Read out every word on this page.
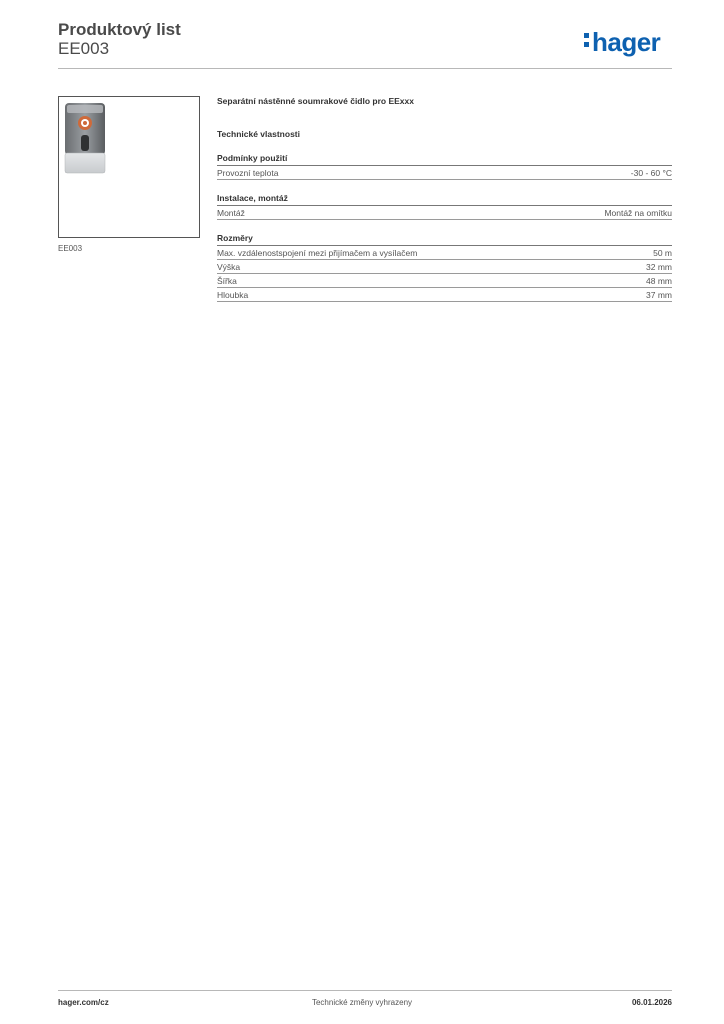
Produktový list
EE003	hager
EE003
Separátní nástěnné soumrakové čidlo pro EExxx
Technické vlastnosti
Podmínky použití
Provozní teplota	-30 - 60 °C
Instalace, montáž
Montáž	Montáž na omítku
Rozměry
Max. vzdálenostspojení mezi přijímačem a vysílačem	50 m
Výška	32 mm
Šířka	48 mm
Hloubka	37 mm
hager.com/cz	Technické změny vyhrazeny	06.01.2026
